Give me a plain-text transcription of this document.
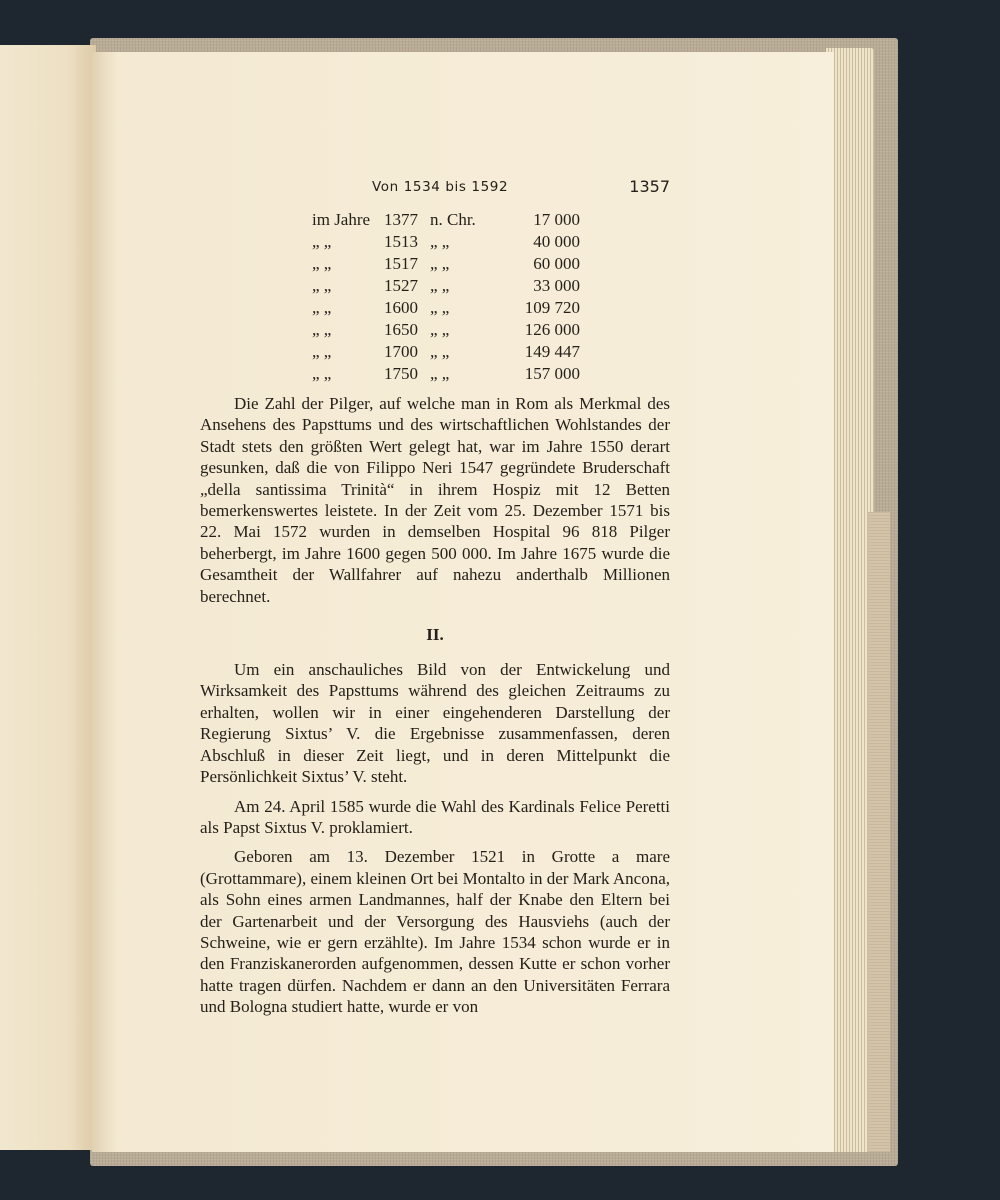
Von 1534 bis 1592	1357
im Jahre	1377	n. Chr.	17 000
„ „	1513	„ „	40 000
„ „	1517	„ „	60 000
„ „	1527	„ „	33 000
„ „	1600	„ „	109 720
„ „	1650	„ „	126 000
„ „	1700	„ „	149 447
„ „	1750	„ „	157 000

Die Zahl der Pilger, auf welche man in Rom als Merkmal des Ansehens des Papsttums und des wirtschaftlichen Wohlstandes der Stadt stets den größten Wert gelegt hat, war im Jahre 1550 derart gesunken, daß die von Filippo Neri 1547 gegründete Bruderschaft „della santissima Trinità“ in ihrem Hospiz mit 12 Betten bemerkenswertes leistete. In der Zeit vom 25. Dezember 1571 bis 22. Mai 1572 wurden in demselben Hospital 96 818 Pilger beherbergt, im Jahre 1600 gegen 500 000. Im Jahre 1675 wurde die Gesamtheit der Wallfahrer auf nahezu anderthalb Millionen berechnet.

II.

Um ein anschauliches Bild von der Entwickelung und Wirksamkeit des Papsttums während des gleichen Zeitraums zu erhalten, wollen wir in einer eingehenderen Darstellung der Regierung Sixtus’ V. die Ergebnisse zusammenfassen, deren Abschluß in dieser Zeit liegt, und in deren Mittelpunkt die Persönlichkeit Sixtus’ V. steht.

Am 24. April 1585 wurde die Wahl des Kardinals Felice Peretti als Papst Sixtus V. proklamiert.

Geboren am 13. Dezember 1521 in Grotte a mare (Grottammare), einem kleinen Ort bei Montalto in der Mark Ancona, als Sohn eines armen Landmannes, half der Knabe den Eltern bei der Gartenarbeit und der Versorgung des Hausviehs (auch der Schweine, wie er gern erzählte). Im Jahre 1534 schon wurde er in den Franziskanerorden aufgenommen, dessen Kutte er schon vorher hatte tragen dürfen. Nachdem er dann an den Universitäten Ferrara und Bologna studiert hatte, wurde er von
